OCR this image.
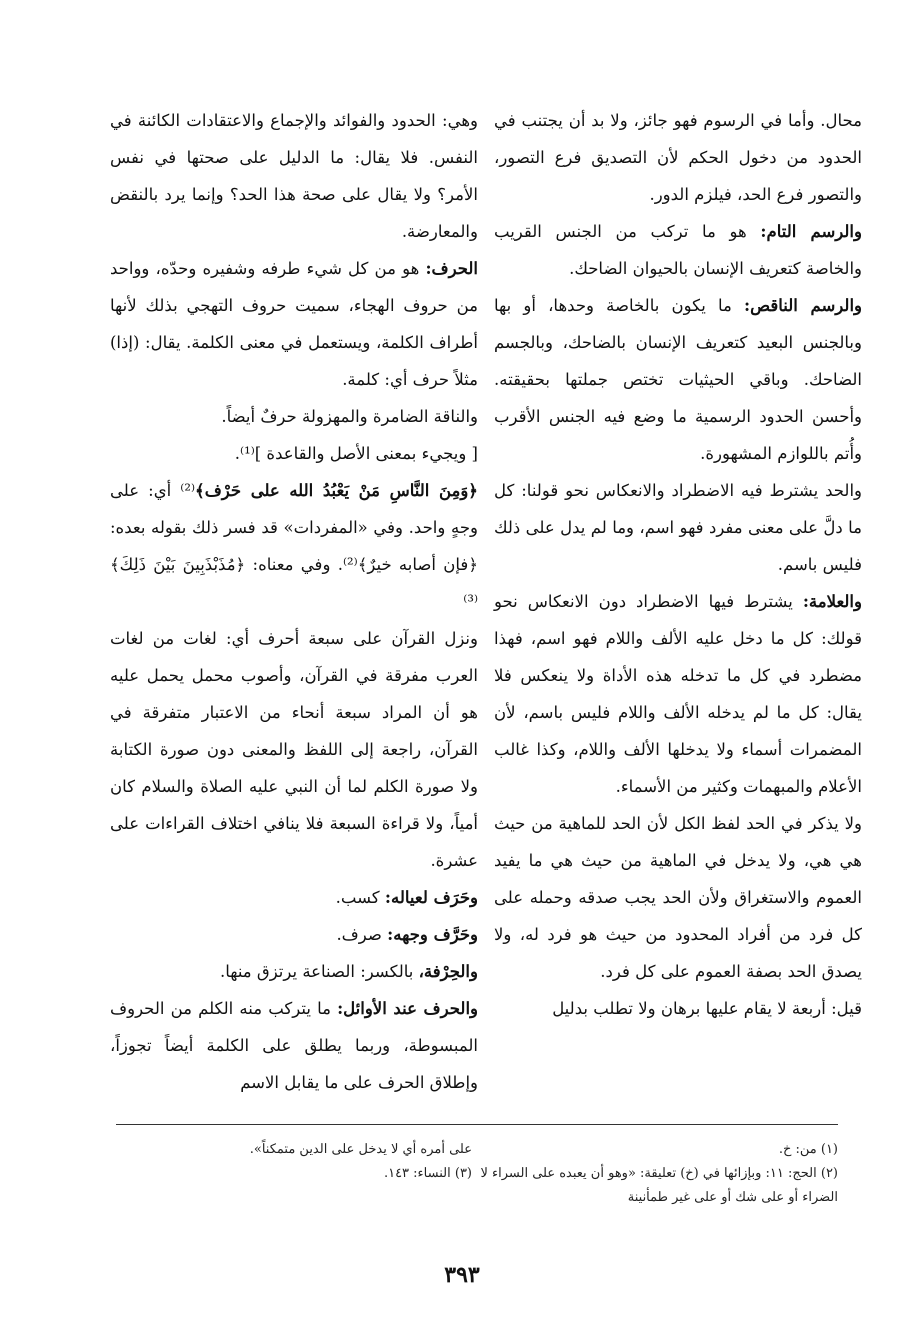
محال. وأما في الرسوم فهو جائز، ولا بد أن يجتنب في الحدود من دخول الحكم لأن التصديق فرع التصور، والتصور فرع الحد، فيلزم الدور.

والرسم التام: هو ما تركب من الجنس القريب والخاصة كتعريف الإنسان بالحيوان الضاحك.

والرسم الناقص: ما يكون بالخاصة وحدها، أو بها وبالجنس البعيد كتعريف الإنسان بالضاحك، وبالجسم الضاحك. وباقي الحيثيات تختص جملتها بحقيقته. وأحسن الحدود الرسمية ما وضع فيه الجنس الأقرب وأُتم باللوازم المشهورة.

والحد يشترط فيه الاضطراد والانعكاس نحو قولنا: كل ما دلَّ على معنى مفرد فهو اسم، وما لم يدل على ذلك فليس باسم.

والعلامة: يشترط فيها الاضطراد دون الانعكاس نحو قولك: كل ما دخل عليه الألف واللام فهو اسم، فهذا مضطرد في كل ما تدخله هذه الأداة ولا ينعكس فلا يقال: كل ما لم يدخله الألف واللام فليس باسم، لأن المضمرات أسماء ولا يدخلها الألف واللام، وكذا غالب الأعلام والمبهمات وكثير من الأسماء.

ولا يذكر في الحد لفظ الكل لأن الحد للماهية من حيث هي هي، ولا يدخل في الماهية من حيث هي ما يفيد العموم والاستغراق ولأن الحد يجب صدقه وحمله على كل فرد من أفراد المحدود من حيث هو فرد له، ولا يصدق الحد بصفة العموم على كل فرد.

قيل: أربعة لا يقام عليها برهان ولا تطلب بدليل

وهي: الحدود والفوائد والإجماع والاعتقادات الكائنة في النفس. فلا يقال: ما الدليل على صحتها في نفس الأمر؟ ولا يقال على صحة هذا الحد؟ وإنما يرد بالنقض والمعارضة.

الحرف: هو من كل شيء طرفه وشفيره وحدّه، وواحد من حروف الهجاء، سميت حروف التهجي بذلك لأنها أطراف الكلمة، ويستعمل في معنى الكلمة. يقال: (إذا) مثلاً حرف أي: كلمة.

والناقة الضامرة والمهزولة حرفٌ أيضاً.

[ ويجيء بمعنى الأصل والقاعدة ]⁽¹⁾.

﴿وَمِنَ النَّاسِ مَنْ يَعْبُدُ الله على حَرْف﴾⁽²⁾ أي: على وجهٍ واحد. وفي «المفردات» قد فسر ذلك بقوله بعده: ﴿فإن أصابه خيرٌ﴾⁽²⁾. وفي معناه: ﴿مُذَبْذَبِينَ بَيْنَ ذَلِكَ﴾ ⁽³⁾

ونزل القرآن على سبعة أحرف أي: لغات من لغات العرب مفرقة في القرآن، وأصوب محمل يحمل عليه هو أن المراد سبعة أنحاء من الاعتبار متفرقة في القرآن، راجعة إلى اللفظ والمعنى دون صورة الكتابة ولا صورة الكلم لما أن النبي عليه الصلاة والسلام كان أمياً، ولا قراءة السبعة فلا ينافي اختلاف القراءات على عشرة.

وحَرَف لعياله: كسب.

وحَرَّف وجهه: صرف.

والحِرْفة، بالكسر: الصناعة يرتزق منها.

والحرف عند الأوائل: ما يتركب منه الكلم من الحروف المبسوطة، وربما يطلق على الكلمة أيضاً تجوزاً، وإطلاق الحرف على ما يقابل الاسم

(١) من: خ.

(٢) الحج: ١١: وبإزائها في (خ) تعليقة: «وهو أن يعبده على السراء لا الضراء أو على شك أو على غير طمأنينة

على أمره أي لا يدخل على الدين متمكناً».

(٣) النساء: ١٤٣.

٣٩٣
